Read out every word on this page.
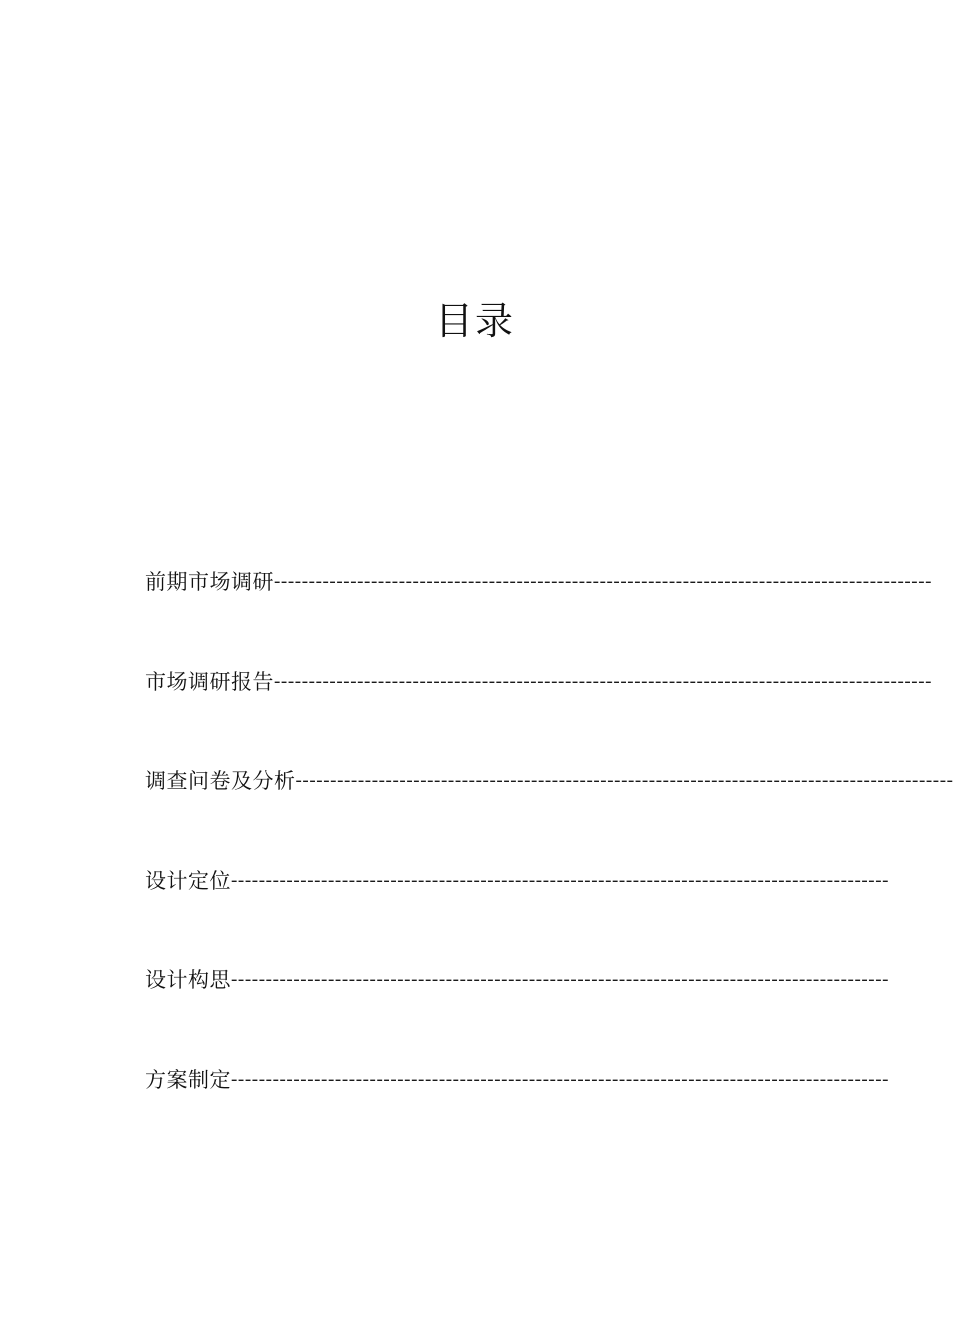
目录
前期市场调研 -----------------------------------------------------------------------------------------------
市场调研报告 -----------------------------------------------------------------------------------------------
调查问卷及分析 -----------------------------------------------------------------------------------------------
设计定位 -----------------------------------------------------------------------------------------------
设计构思 -----------------------------------------------------------------------------------------------
方案制定 -----------------------------------------------------------------------------------------------
